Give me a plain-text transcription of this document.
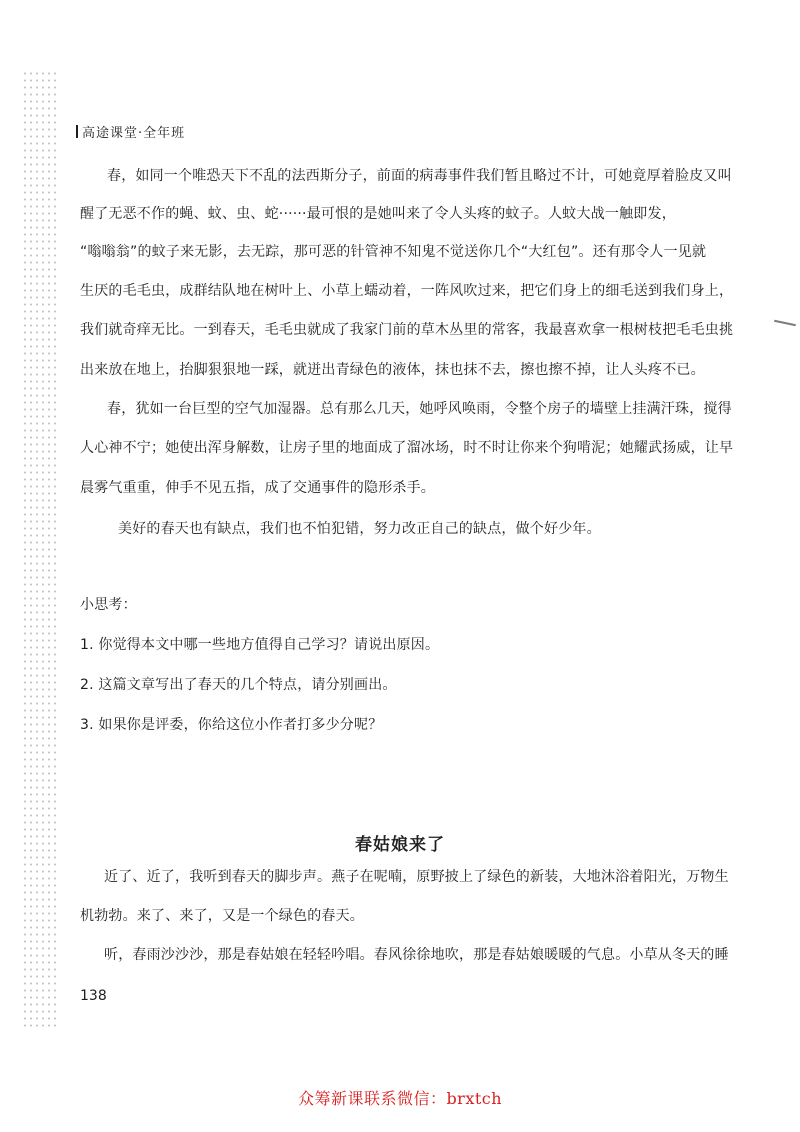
高途课堂·全年班
春，如同一个唯恐天下不乱的法西斯分子，前面的病毒事件我们暂且略过不计，可她竟厚着脸皮又叫
醒了无恶不作的蝇、蚊、虫、蛇······最可恨的是她叫来了令人头疼的蚊子。人蚊大战一触即发，
“嗡嗡翁”的蚊子来无影，去无踪，那可恶的针管神不知鬼不觉送你几个“大红包”。还有那令人一见就
生厌的毛毛虫，成群结队地在树叶上、小草上蠕动着，一阵风吹过来，把它们身上的细毛送到我们身上，
我们就奇痒无比。一到春天，毛毛虫就成了我家门前的草木丛里的常客，我最喜欢拿一根树枝把毛毛虫挑
出来放在地上，抬脚狠狠地一踩，就迸出青绿色的液体，抹也抹不去，擦也擦不掉，让人头疼不已。
春，犹如一台巨型的空气加湿器。总有那么几天，她呼风唤雨，令整个房子的墙壁上挂满汗珠，搅得
人心神不宁；她使出浑身解数，让房子里的地面成了溜冰场，时不时让你来个狗啃泥；她耀武扬威，让早
晨雾气重重，伸手不见五指，成了交通事件的隐形杀手。
美好的春天也有缺点，我们也不怕犯错，努力改正自己的缺点，做个好少年。
小思考：
1. 你觉得本文中哪一些地方值得自己学习？请说出原因。
2. 这篇文章写出了春天的几个特点，请分别画出。
3. 如果你是评委，你给这位小作者打多少分呢？
春姑娘来了
近了、近了，我听到春天的脚步声。燕子在呢喃，原野披上了绿色的新装，大地沐浴着阳光，万物生
机勃勃。来了、来了，又是一个绿色的春天。
听，春雨沙沙沙，那是春姑娘在轻轻吟唱。春风徐徐地吹，那是春姑娘暖暖的气息。小草从冬天的睡
138
众筹新课联系微信：brxtch
